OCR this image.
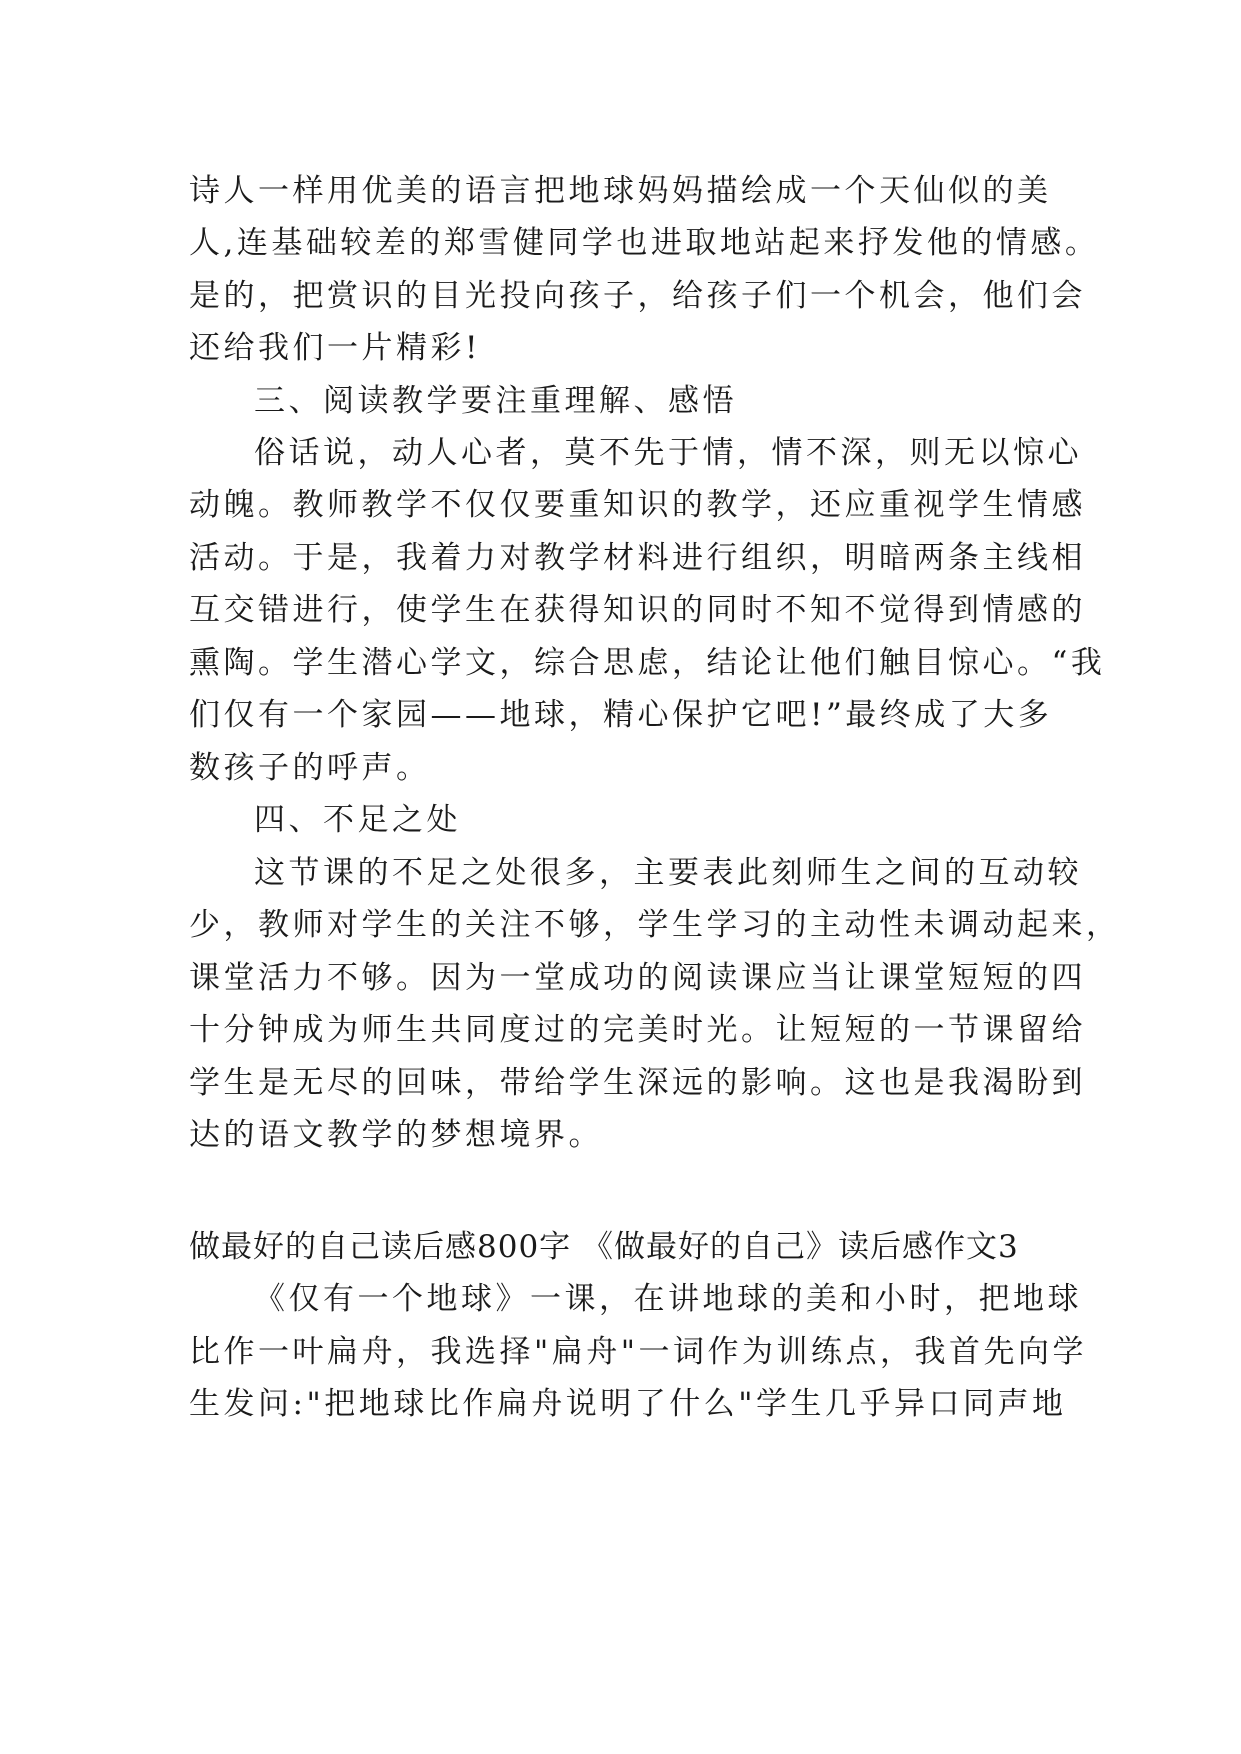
诗人一样用优美的语言把地球妈妈描绘成一个天仙似的美
人,连基础较差的郑雪健同学也进取地站起来抒发他的情感。
是的，把赏识的目光投向孩子，给孩子们一个机会，他们会
还给我们一片精彩!
三、阅读教学要注重理解、感悟
俗话说，动人心者，莫不先于情，情不深，则无以惊心
动魄。教师教学不仅仅要重知识的教学，还应重视学生情感
活动。于是，我着力对教学材料进行组织，明暗两条主线相
互交错进行，使学生在获得知识的同时不知不觉得到情感的
熏陶。学生潜心学文，综合思虑，结论让他们触目惊心。“我
们仅有一个家园——地球，精心保护它吧!”最终成了大多
数孩子的呼声。
四、不足之处
这节课的不足之处很多，主要表此刻师生之间的互动较
少，教师对学生的关注不够，学生学习的主动性未调动起来，
课堂活力不够。因为一堂成功的阅读课应当让课堂短短的四
十分钟成为师生共同度过的完美时光。让短短的一节课留给
学生是无尽的回味，带给学生深远的影响。这也是我渴盼到
达的语文教学的梦想境界。
做最好的自己读后感800字 《做最好的自己》读后感作文3
《仅有一个地球》一课，在讲地球的美和小时，把地球
比作一叶扁舟，我选择"扁舟"一词作为训练点，我首先向学
生发问:"把地球比作扁舟说明了什么"学生几乎异口同声地
